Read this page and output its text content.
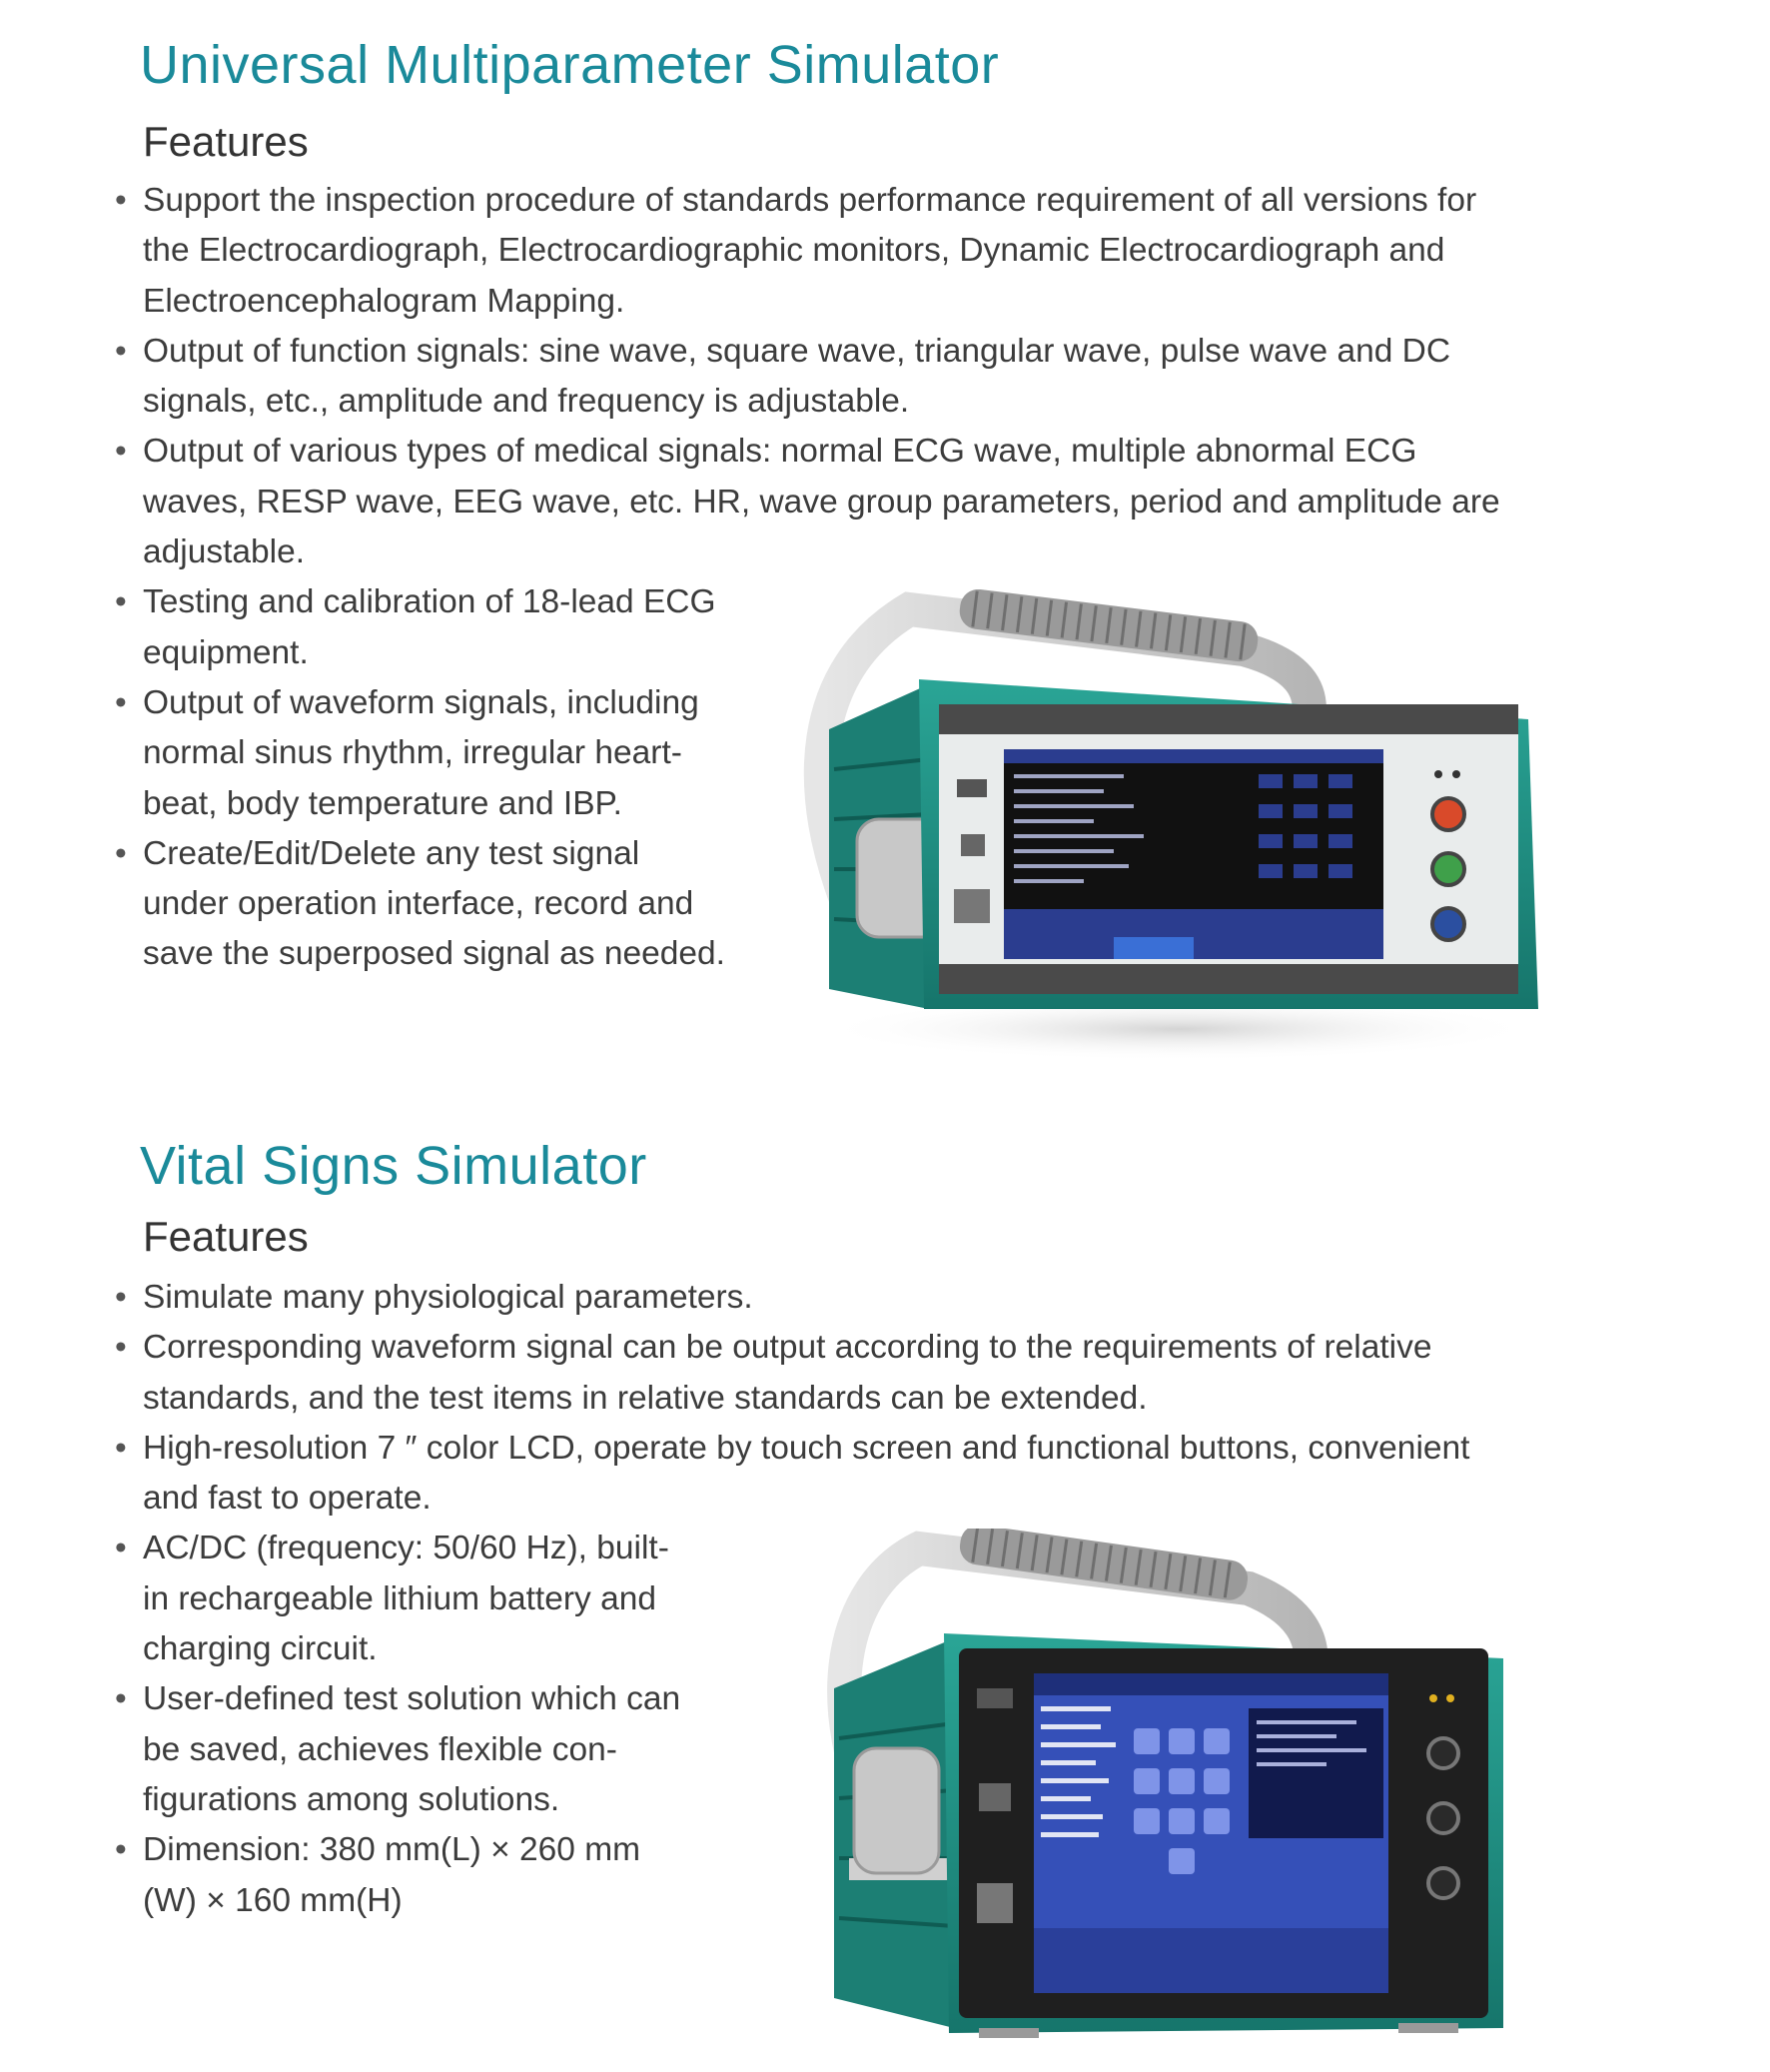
Universal Multiparameter Simulator
Features
• Support the inspection procedure of standards performance requirement of all versions for the Electrocardiograph, Electrocardiographic monitors, Dynamic Electrocardiograph and Electroencephalogram Mapping.
• Output of function signals: sine wave, square wave, triangular wave, pulse wave and DC signals, etc., amplitude and frequency is adjustable.
• Output of various types of medical signals: normal ECG wave, multiple abnormal ECG waves, RESP wave, EEG wave, etc. HR, wave group parameters, period and amplitude are adjustable.
• Testing and calibration of 18-lead ECG equipment.
• Output of waveform signals, including normal sinus rhythm, irregular heart-beat, body temperature and IBP.
• Create/Edit/Delete any test signal under operation interface, record and save the superposed signal as needed.
Vital Signs Simulator
Features
• Simulate many physiological parameters.
• Corresponding waveform signal can be output according to the requirements of relative standards, and the test items in relative standards can be extended.
• High-resolution 7 ″ color LCD, operate by touch screen and functional buttons, convenient and fast to operate.
• AC/DC (frequency: 50/60 Hz), built-in rechargeable lithium battery and charging circuit.
• User-defined test solution which can be saved, achieves flexible con-figurations among solutions.
• Dimension: 380 mm(L) × 260 mm (W) × 160 mm(H)
